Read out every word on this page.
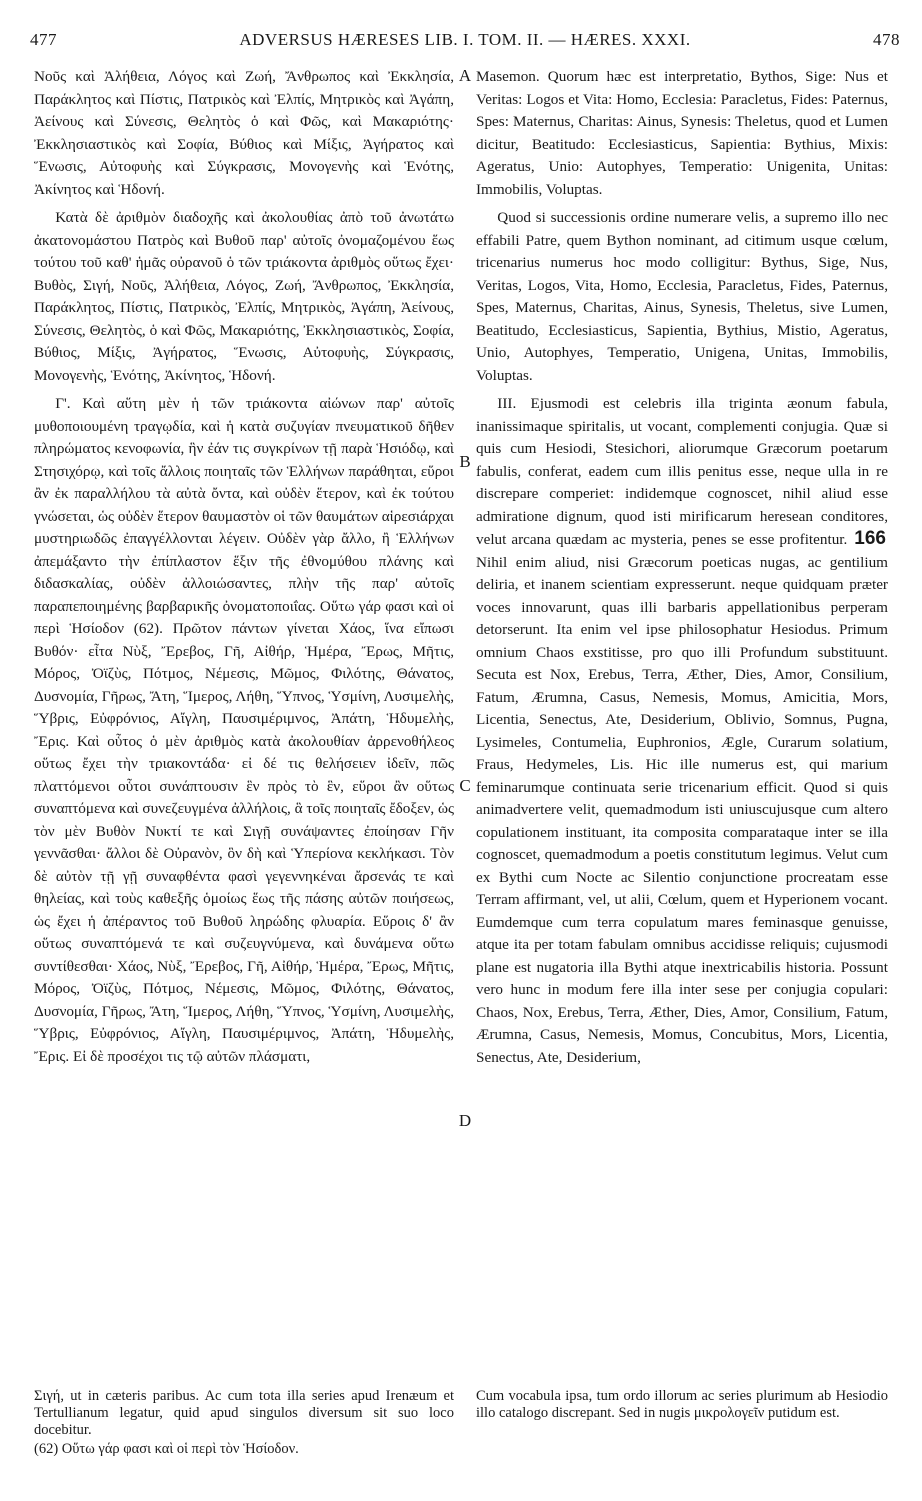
477	ADVERSUS HÆRESES LIB. I. TOM. II. — HÆRES. XXXI.	478
A
B
C
D

Νοῦς καὶ Ἀλήθεια, Λόγος καὶ Ζωή, Ἄνθρωπος καὶ Ἐκκλησία, Παράκλητος καὶ Πίστις, Πατρικὸς καὶ Ἐλπίς, Μητρικὸς καὶ Ἀγάπη, Ἀείνους καὶ Σύνεσις, Θελητὸς ὁ καὶ Φῶς, καὶ Μακαριότης· Ἐκκλησιαστικὸς καὶ Σοφία, Βύθιος καὶ Μίξις, Ἀγήρατος καὶ Ἕνωσις, Αὐτοφυὴς καὶ Σύγκρασις, Μονογενὴς καὶ Ἑνότης, Ἀκίνητος καὶ Ἡδονή.

Κατὰ δὲ ἀριθμὸν διαδοχῆς καὶ ἀκολουθίας ἀπὸ τοῦ ἀνωτάτω ἀκατονομάστου Πατρὸς καὶ Βυθοῦ παρ' αὐτοῖς ὀνομαζομένου ἕως τούτου τοῦ καθ' ἡμᾶς οὐρανοῦ ὁ τῶν τριάκοντα ἀριθμὸς οὕτως ἔχει· Βυθὸς, Σιγή, Νοῦς, Ἀλήθεια, Λόγος, Ζωή, Ἄνθρωπος, Ἐκκλησία, Παράκλητος, Πίστις, Πατρικὸς, Ἐλπίς, Μητρικὸς, Ἀγάπη, Ἀείνους, Σύνεσις, Θελητὸς, ὁ καὶ Φῶς, Μακαριότης, Ἐκκλησιαστικὸς, Σοφία, Βύθιος, Μίξις, Ἀγήρατος, Ἕνωσις, Αὐτοφυὴς, Σύγκρασις, Μονογενὴς, Ἑνότης, Ἀκίνητος, Ἡδονή.

Γ'. Καὶ αὕτη μὲν ἡ τῶν τριάκοντα αἰώνων παρ' αὐτοῖς μυθοποιουμένη τραγῳδία, καὶ ἡ κατὰ συζυγίαν πνευματικοῦ δῆθεν πληρώματος κενοφωνία, ἣν ἐάν τις συγκρίνων τῇ παρὰ Ἡσιόδῳ, καὶ Στησιχόρῳ, καὶ τοῖς ἄλλοις ποιηταῖς τῶν Ἑλλήνων παράθηται, εὕροι ἂν ἐκ παραλλήλου τὰ αὐτὰ ὄντα, καὶ οὐδὲν ἕτερον, καὶ ἐκ τούτου γνώσεται, ὡς οὐδὲν ἕτερον θαυμαστὸν οἱ τῶν θαυμάτων αἱρεσιάρχαι μυστηριωδῶς ἐπαγγέλλονται λέγειν. Οὐδὲν γὰρ ἄλλο, ἢ Ἑλλήνων ἀπεμάξαντο τὴν ἐπίπλαστον ἕξιν τῆς ἐθνομύθου πλάνης καὶ διδασκαλίας, οὐδὲν ἀλλοιώσαντες, πλὴν τῆς παρ' αὐτοῖς παραπεποιημένης βαρβαρικῆς ὀνοματοποιΐας. Οὕτω γάρ φασι καὶ οἱ περὶ Ἡσίοδον (62). Πρῶτον πάντων γίνεται Χάος, ἵνα εἴπωσι Βυθόν· εἶτα Νὺξ, Ἔρεβος, Γῆ, Αἰθήρ, Ἡμέρα, Ἔρως, Μῆτις, Μόρος, Ὀϊζὺς, Πότμος, Νέμεσις, Μῶμος, Φιλότης, Θάνατος, Δυσνομία, Γῆρως, Ἄτη, Ἵμερος, Λήθη, Ὕπνος, Ὑσμίνη, Λυσιμελὴς, Ὕβρις, Εὐφρόνιος, Αἴγλη, Παυσιμέριμνος, Ἀπάτη, Ἡδυμελὴς, Ἔρις. Καὶ οὗτος ὁ μὲν ἀριθμὸς κατὰ ἀκολουθίαν ἀρρενοθήλεος οὕτως ἔχει τὴν τριακοντάδα· εἰ δέ τις θελήσειεν ἰδεῖν, πῶς πλαττόμενοι οὗτοι συνάπτουσιν ἓν πρὸς τὸ ἓν, εὕροι ἂν οὕτως συναπτόμενα καὶ συνεζευγμένα ἀλλήλοις, ἃ τοῖς ποιηταῖς ἔδοξεν, ὡς τὸν μὲν Βυθὸν Νυκτί τε καὶ Σιγῇ συνάψαντες ἐποίησαν Γῆν γεννᾶσθαι· ἄλλοι δὲ Οὐρανὸν, ὃν δὴ καὶ Ὑπερίονα κεκλήκασι. Τὸν δὲ αὐτὸν τῇ γῇ συναφθέντα φασὶ γεγεννηκέναι ἄρσενάς τε καὶ θηλείας, καὶ τοὺς καθεξῆς ὁμοίως ἕως τῆς πάσης αὐτῶν ποιήσεως, ὡς ἔχει ἡ ἀπέραντος τοῦ Βυθοῦ ληρώδης φλυαρία. Εὕροις δ' ἂν οὕτως συναπτόμενά τε καὶ συζευγνύμενα, καὶ δυνάμενα οὕτω συντίθεσθαι· Χάος, Νὺξ, Ἔρεβος, Γῆ, Αἰθήρ, Ἡμέρα, Ἔρως, Μῆτις, Μόρος, Ὀϊζὺς, Πότμος, Νέμεσις, Μῶμος, Φιλότης, Θάνατος, Δυσνομία, Γῆρως, Ἄτη, Ἵμερος, Λήθη, Ὕπνος, Ὑσμίνη, Λυσιμελὴς, Ὕβρις, Εὐφρόνιος, Αἴγλη, Παυσιμέριμνος, Ἀπάτη, Ἡδυμελὴς, Ἔρις. Εἰ δὲ προσέχοι τις τῷ αὐτῶν πλάσματι,

Masemon. Quorum hæc est interpretatio, Bythos, Sige: Nus et Veritas: Logos et Vita: Homo, Ecclesia: Paracletus, Fides: Paternus, Spes: Maternus, Charitas: Ainus, Synesis: Theletus, quod et Lumen dicitur, Beatitudo: Ecclesiasticus, Sapientia: Bythius, Mixis: Ageratus, Unio: Autophyes, Temperatio: Unigenita, Unitas: Immobilis, Voluptas.

Quod si successionis ordine numerare velis, a supremo illo nec effabili Patre, quem Bython nominant, ad citimum usque cœlum, tricenarius numerus hoc modo colligitur: Bythus, Sige, Nus, Veritas, Logos, Vita, Homo, Ecclesia, Paracletus, Fides, Paternus, Spes, Maternus, Charitas, Ainus, Synesis, Theletus, sive Lumen, Beatitudo, Ecclesiasticus, Sapientia, Bythius, Mistio, Ageratus, Unio, Autophyes, Temperatio, Unigena, Unitas, Immobilis, Voluptas.

III. Ejusmodi est celebris illa triginta æonum fabula, inanissimaque spiritalis, ut vocant, complementi conjugia. Quæ si quis cum Hesiodi, Stesichori, aliorumque Græcorum poetarum fabulis, conferat, eadem cum illis penitus esse, neque ulla in re discrepare comperiet: indidemque cognoscet, nihil aliud esse admiratione dignum, quod isti mirificarum heresean conditores, velut arcana quædam ac mysteria, penes se esse profitentur. 166 Nihil enim aliud, nisi Græcorum poeticas nugas, ac gentilium deliria, et inanem scientiam expresserunt. neque quidquam præter voces innovarunt, quas illi barbaris appellationibus perperam detorserunt. Ita enim vel ipse philosophatur Hesiodus. Primum omnium Chaos exstitisse, pro quo illi Profundum substituunt. Secuta est Nox, Erebus, Terra, Æther, Dies, Amor, Consilium, Fatum, Ærumna, Casus, Nemesis, Momus, Amicitia, Mors, Licentia, Senectus, Ate, Desiderium, Oblivio, Somnus, Pugna, Lysimeles, Contumelia, Euphronios, Ægle, Curarum solatium, Fraus, Hedymeles, Lis. Hic ille numerus est, qui marium feminarumque continuata serie tricenarium efficit. Quod si quis animadvertere velit, quemadmodum isti uniuscujusque cum altero copulationem instituant, ita composita comparataque inter se illa cognoscet, quemadmodum a poetis constitutum legimus. Velut cum ex Bythi cum Nocte ac Silentio conjunctione procreatam esse Terram affirmant, vel, ut alii, Cœlum, quem et Hyperionem vocant. Eumdemque cum terra copulatum mares feminasque genuisse, atque ita per totam fabulam omnibus accidisse reliquis; cujusmodi plane est nugatoria illa Bythi atque inextricabilis historia. Possunt vero hunc in modum fere illa inter sese per conjugia copulari: Chaos, Nox, Erebus, Terra, Æther, Dies, Amor, Consilium, Fatum, Ærumna, Casus, Nemesis, Momus, Concubitus, Mors, Licentia, Senectus, Ate, Desiderium,

Σιγή, ut in cæteris paribus. Ac cum tota illa series apud Irenæum et Tertullianum legatur, quid apud singulos diversum sit suo loco docebitur.

(62) Οὕτω γάρ φασι καὶ οἱ περὶ τὸν Ἡσίοδον.

Cum vocabula ipsa, tum ordo illorum ac series plurimum ab Hesiodio illo catalogo discrepant. Sed in nugis μικρολογεῖν putidum est.
